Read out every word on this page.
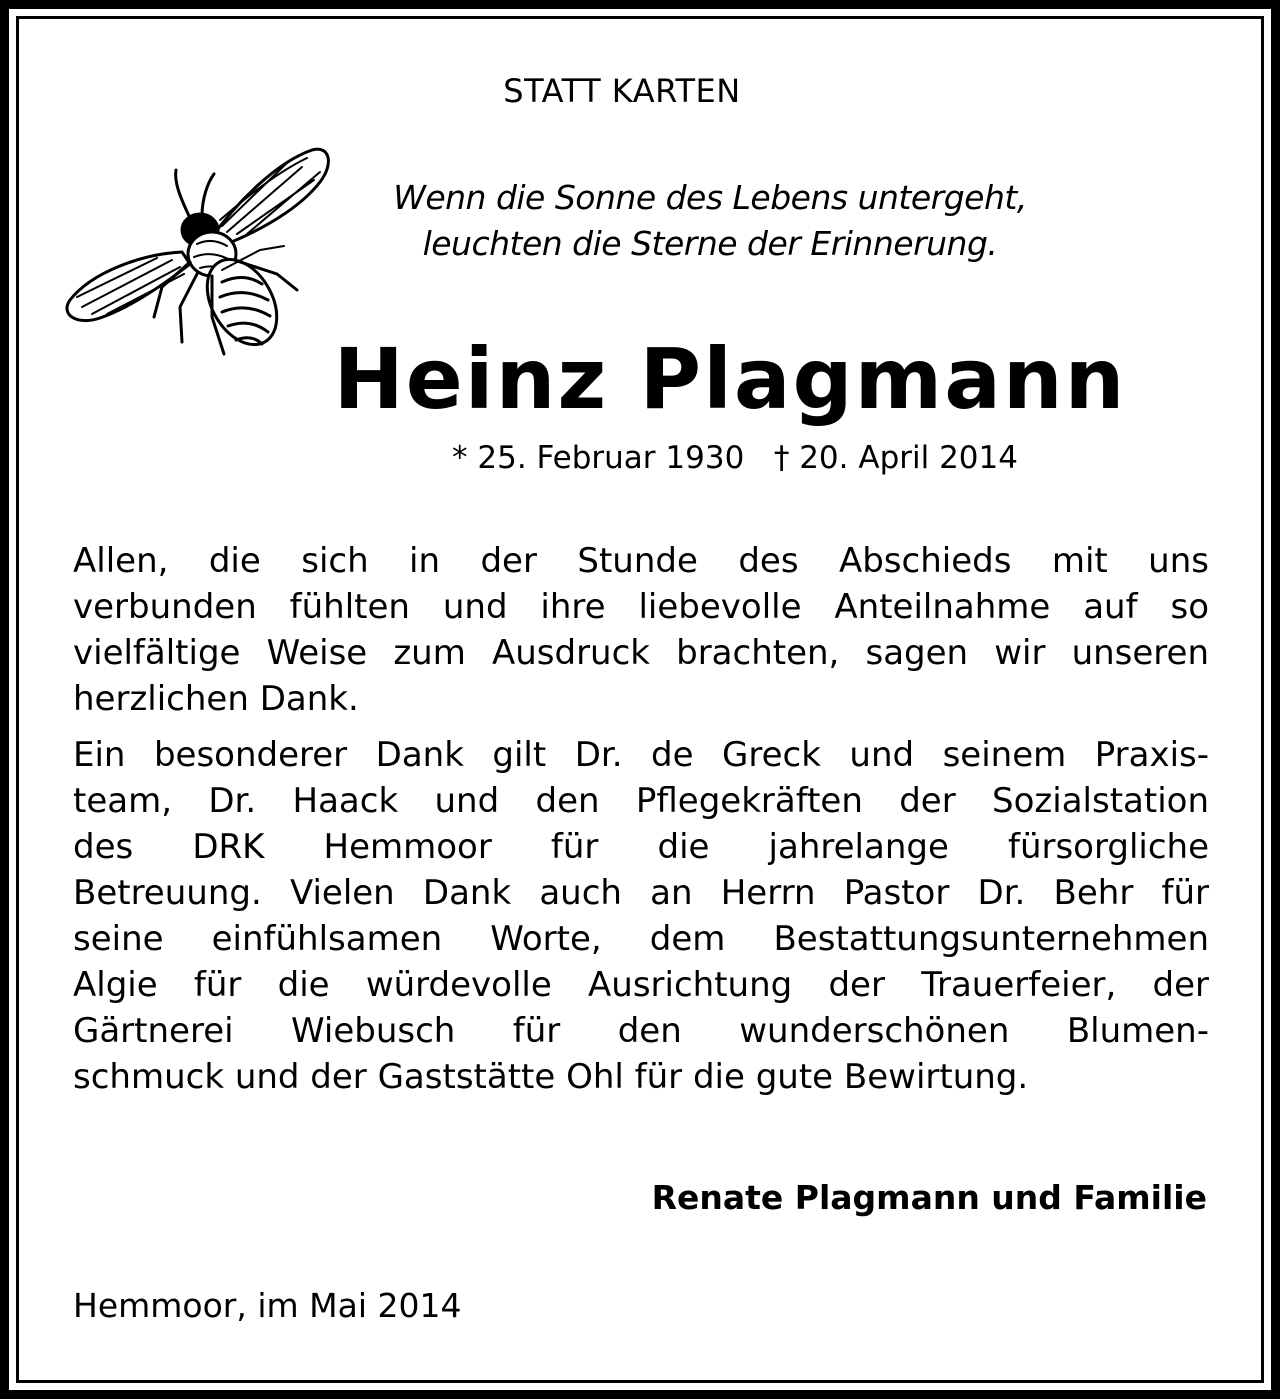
STATT KARTEN

Wenn die Sonne des Lebens untergeht,

leuchten die Sterne der Erinnerung.

Heinz Plagmann
* 25. Februar 1930 † 20. April 2014
Allen, die sich in der Stunde des Abschieds mit uns
verbunden fühlten und ihre liebevolle Anteilnahme auf so
vielfältige Weise zum Ausdruck brachten, sagen wir unseren
herzlichen Dank.
Ein besonderer Dank gilt Dr. de Greck und seinem Praxis-
team, Dr. Haack und den Pflegekräften der Sozialstation
des DRK Hemmoor für die jahrelange fürsorgliche
Betreuung. Vielen Dank auch an Herrn Pastor Dr. Behr für
seine einfühlsamen Worte, dem Bestattungsunternehmen
Algie für die würdevolle Ausrichtung der Trauerfeier, der
Gärtnerei Wiebusch für den wunderschönen Blumen-
schmuck und der Gaststätte Ohl für die gute Bewirtung.

Renate Plagmann und Familie

Hemmoor, im Mai 2014
